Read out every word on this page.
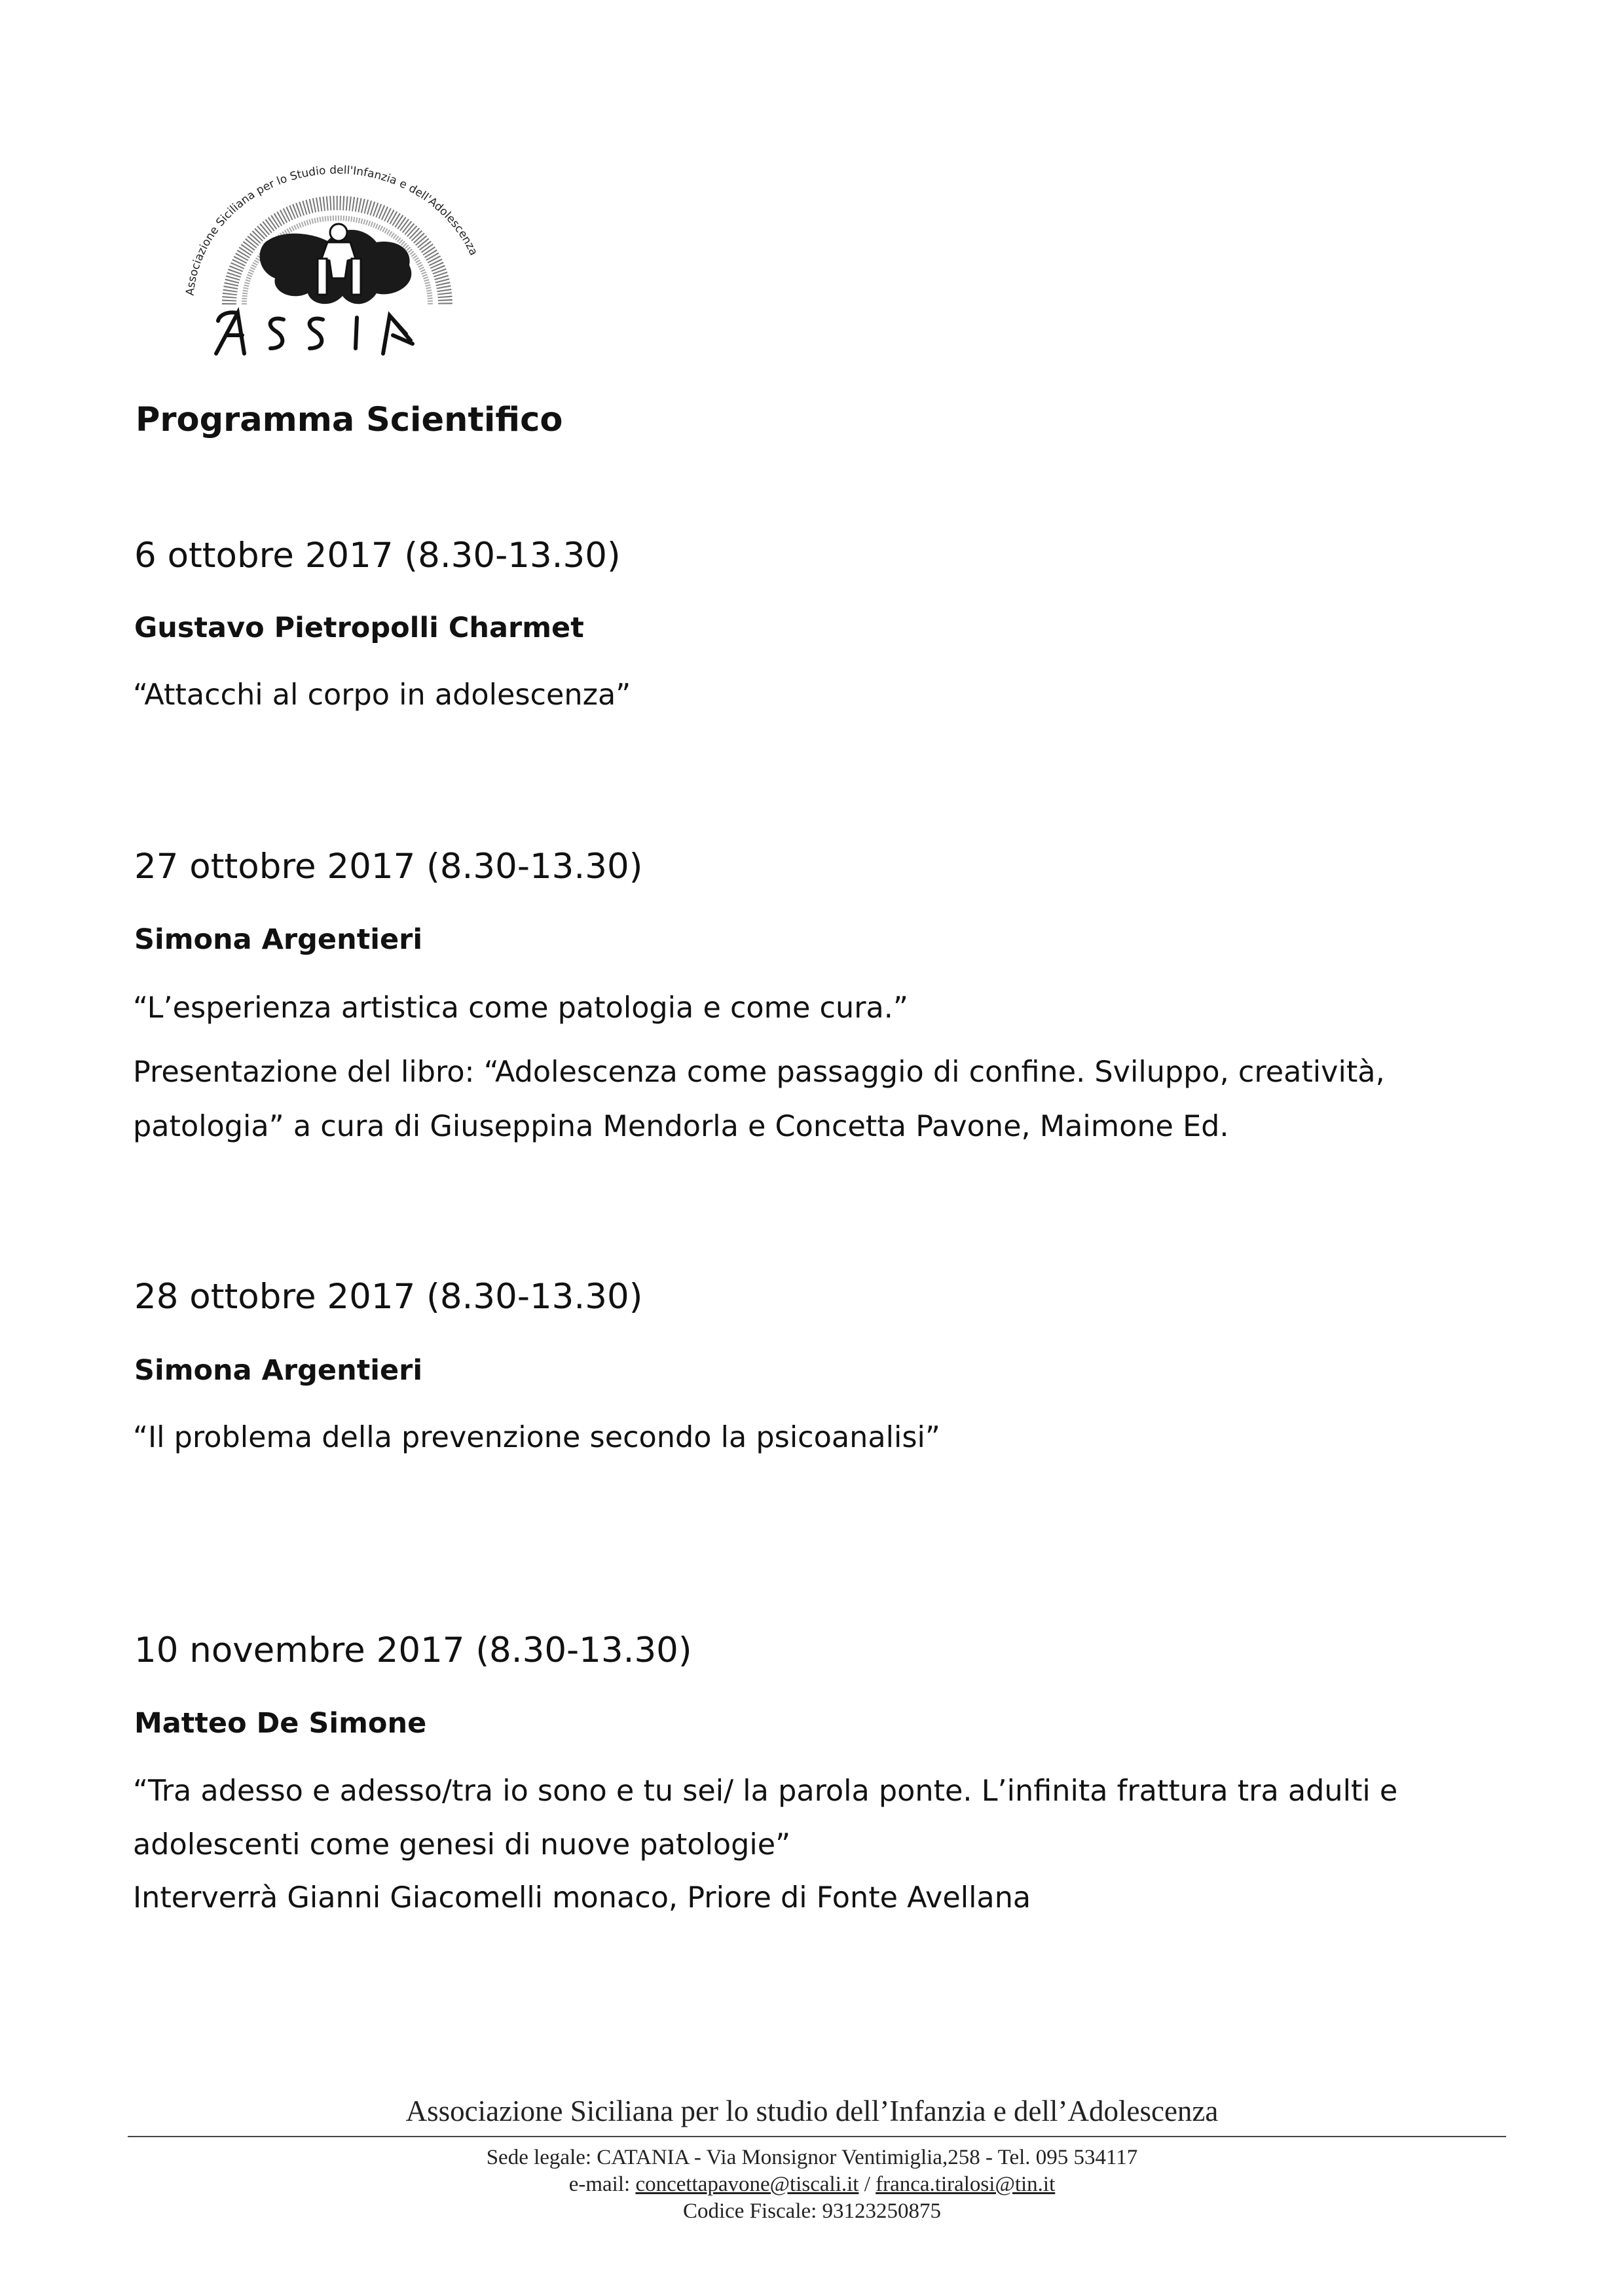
Associazione Siciliana per lo Studio dell'Infanzia e dell'Adolescenza
Programma Scientifico
6 ottobre 2017 (8.30-13.30)
Gustavo Pietropolli Charmet
“Attacchi al corpo in adolescenza”
27 ottobre 2017 (8.30-13.30)
Simona Argentieri
“L’esperienza artistica come patologia e come cura.”
Presentazione del libro: “Adolescenza come passaggio di confine. Sviluppo, creatività,
patologia” a cura di Giuseppina Mendorla e Concetta Pavone, Maimone Ed.
28 ottobre 2017 (8.30-13.30)
Simona Argentieri
“Il problema della prevenzione secondo la psicoanalisi”
10 novembre 2017 (8.30-13.30)
Matteo De Simone
“Tra adesso e adesso/tra io sono e tu sei/ la parola ponte. L’infinita frattura tra adulti e
adolescenti come genesi di nuove patologie”
Interverrà Gianni Giacomelli monaco, Priore di Fonte Avellana
Associazione Siciliana per lo studio dell’Infanzia e dell’Adolescenza
Sede legale: CATANIA - Via Monsignor Ventimiglia,258 - Tel. 095 534117
e-mail: concettapavone@tiscali.it / franca.tiralosi@tin.it
Codice Fiscale: 93123250875
